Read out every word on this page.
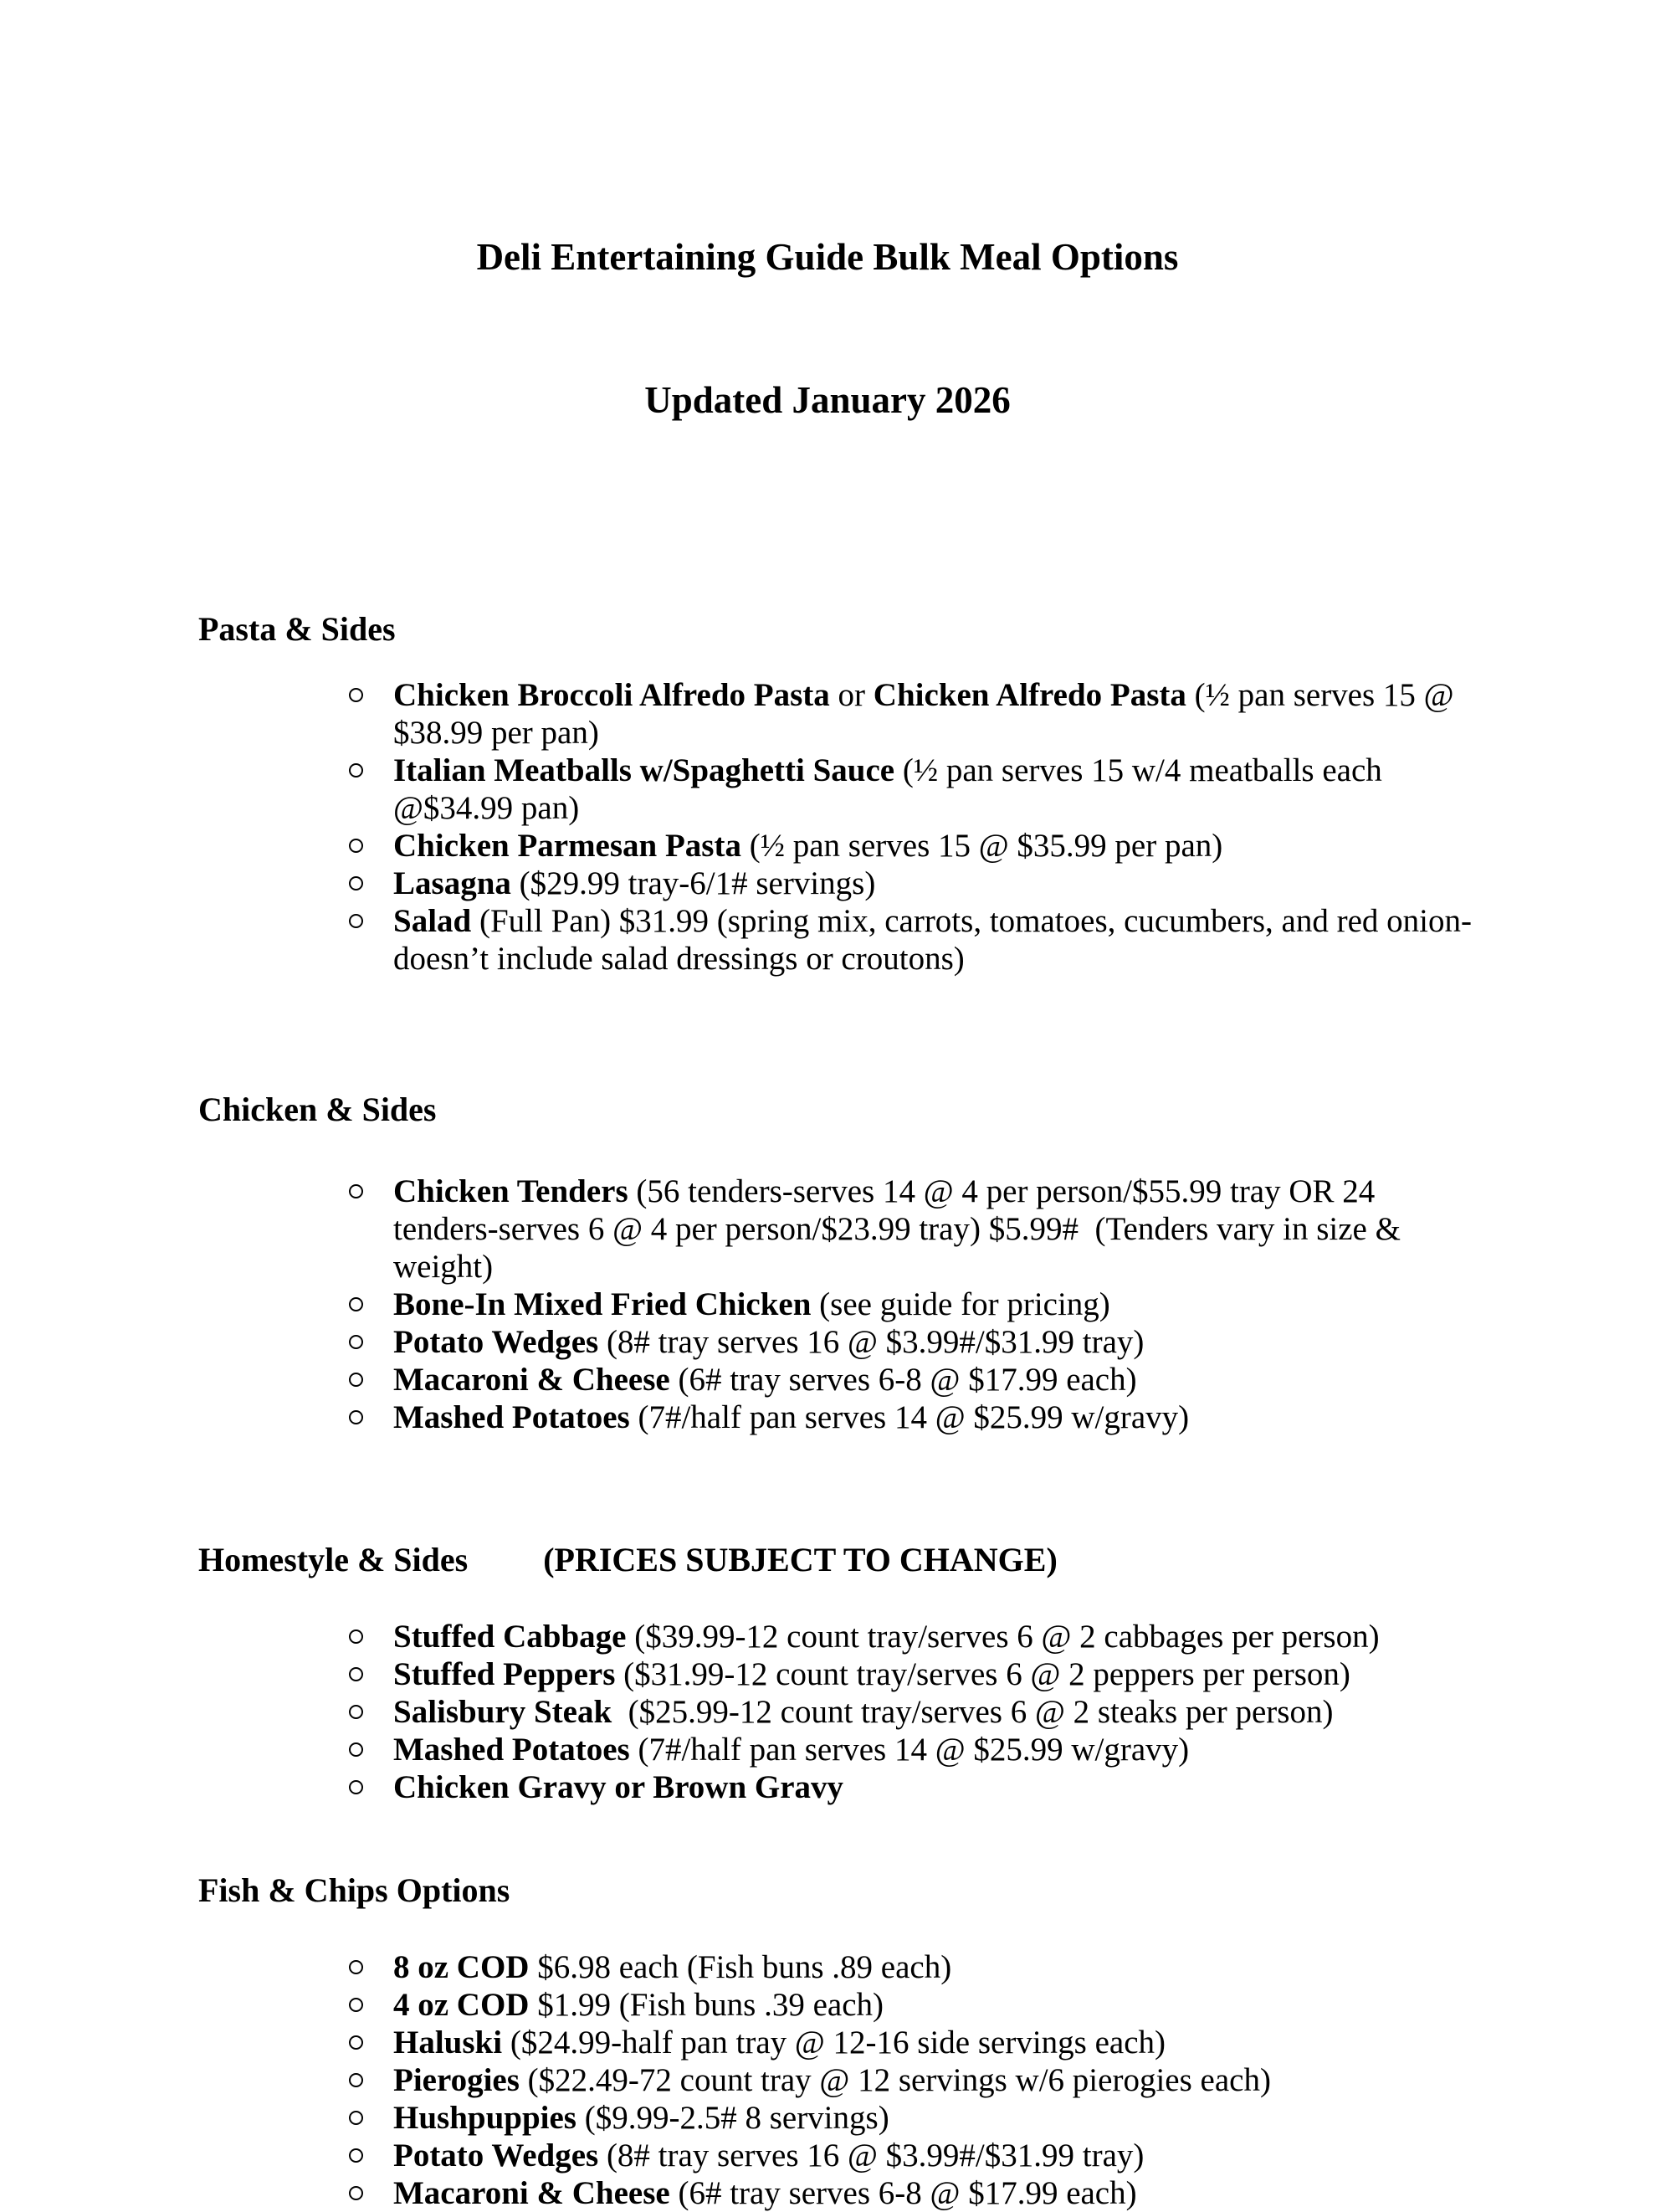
Deli Entertaining Guide Bulk Meal Options

Updated January 2026

Pasta & Sides
Chicken Broccoli Alfredo Pasta or Chicken Alfredo Pasta (½ pan serves 15 @ $38.99 per pan)
Italian Meatballs w/Spaghetti Sauce (½ pan serves 15 w/4 meatballs each @$34.99 pan)
Chicken Parmesan Pasta (½ pan serves 15 @ $35.99 per pan)
Lasagna ($29.99 tray-6/1# servings)
Salad (Full Pan) $31.99 (spring mix, carrots, tomatoes, cucumbers, and red onion-doesn’t include salad dressings or croutons)
Chicken & Sides
Chicken Tenders (56 tenders-serves 14 @ 4 per person/$55.99 tray OR 24 tenders-serves 6 @ 4 per person/$23.99 tray) $5.99#  (Tenders vary in size & weight)
Bone-In Mixed Fried Chicken (see guide for pricing)
Potato Wedges (8# tray serves 16 @ $3.99#/$31.99 tray)
Macaroni & Cheese (6# tray serves 6-8 @ $17.99 each)
Mashed Potatoes (7#/half pan serves 14 @ $25.99 w/gravy)
Homestyle & Sides (PRICES SUBJECT TO CHANGE)
Stuffed Cabbage ($39.99-12 count tray/serves 6 @ 2 cabbages per person)
Stuffed Peppers ($31.99-12 count tray/serves 6 @ 2 peppers per person)
Salisbury Steak  ($25.99-12 count tray/serves 6 @ 2 steaks per person)
Mashed Potatoes (7#/half pan serves 14 @ $25.99 w/gravy)
Chicken Gravy or Brown Gravy
Fish & Chips Options
8 oz COD $6.98 each (Fish buns .89 each)
4 oz COD $1.99 (Fish buns .39 each)
Haluski ($24.99-half pan tray @ 12-16 side servings each)
Pierogies ($22.49-72 count tray @ 12 servings w/6 pierogies each)
Hushpuppies ($9.99-2.5# 8 servings)
Potato Wedges (8# tray serves 16 @ $3.99#/$31.99 tray)
Macaroni & Cheese (6# tray serves 6-8 @ $17.99 each)
